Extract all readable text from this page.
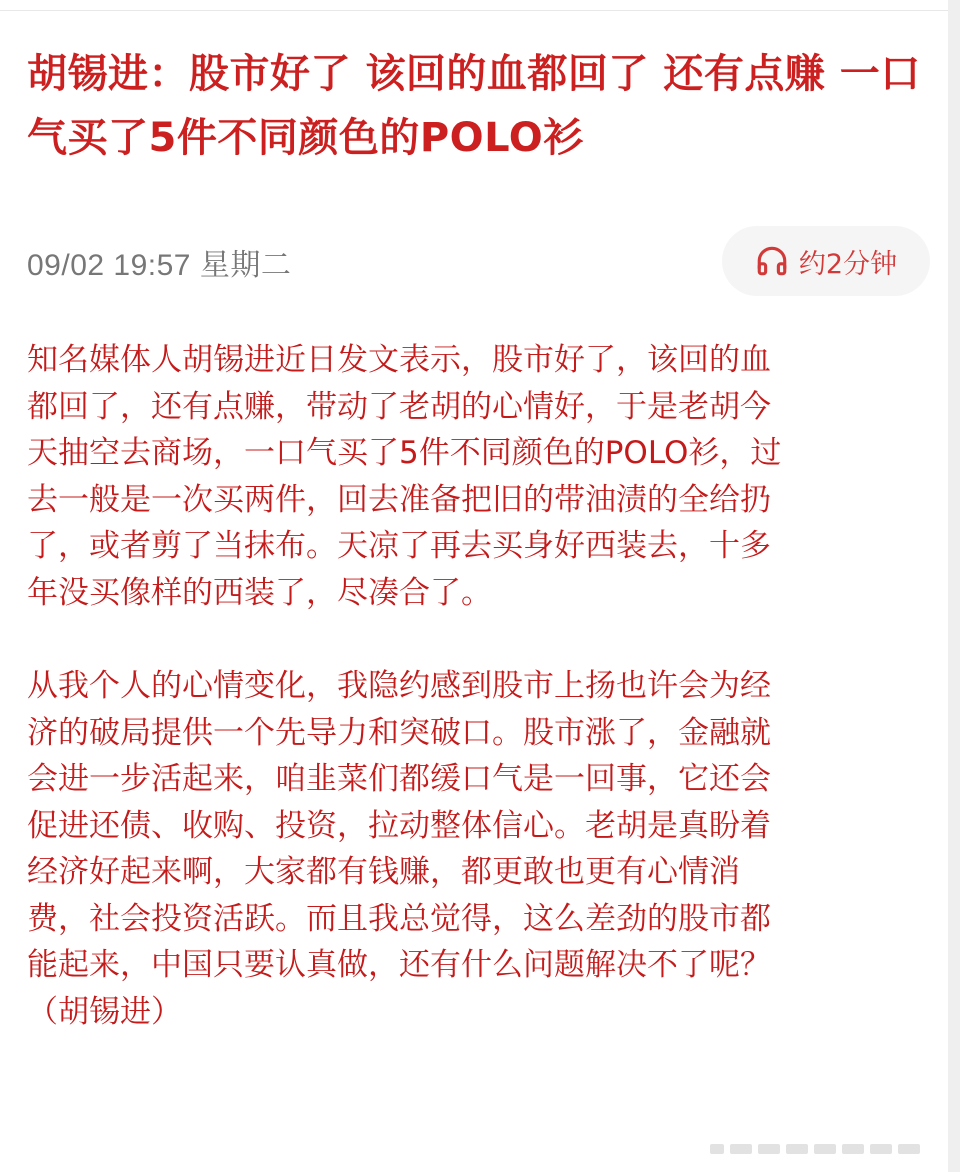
胡锡进：股市好了 该回的血都回了 还有点赚 一口气买了5件不同颜色的POLO衫
09/02 19:57 星期二	约2分钟

知名媒体人胡锡进近日发文表示，股市好了，该回的血
都回了，还有点赚，带动了老胡的心情好，于是老胡今
天抽空去商场，一口气买了5件不同颜色的POLO衫，过
去一般是一次买两件，回去准备把旧的带油渍的全给扔
了，或者剪了当抹布。天凉了再去买身好西装去，十多
年没买像样的西装了，尽凑合了。

从我个人的心情变化，我隐约感到股市上扬也许会为经
济的破局提供一个先导力和突破口。股市涨了，金融就
会进一步活起来，咱韭菜们都缓口气是一回事，它还会
促进还债、收购、投资，拉动整体信心。老胡是真盼着
经济好起来啊，大家都有钱赚，都更敢也更有心情消
费，社会投资活跃。而且我总觉得，这么差劲的股市都
能起来，中国只要认真做，还有什么问题解决不了呢？
（胡锡进）
